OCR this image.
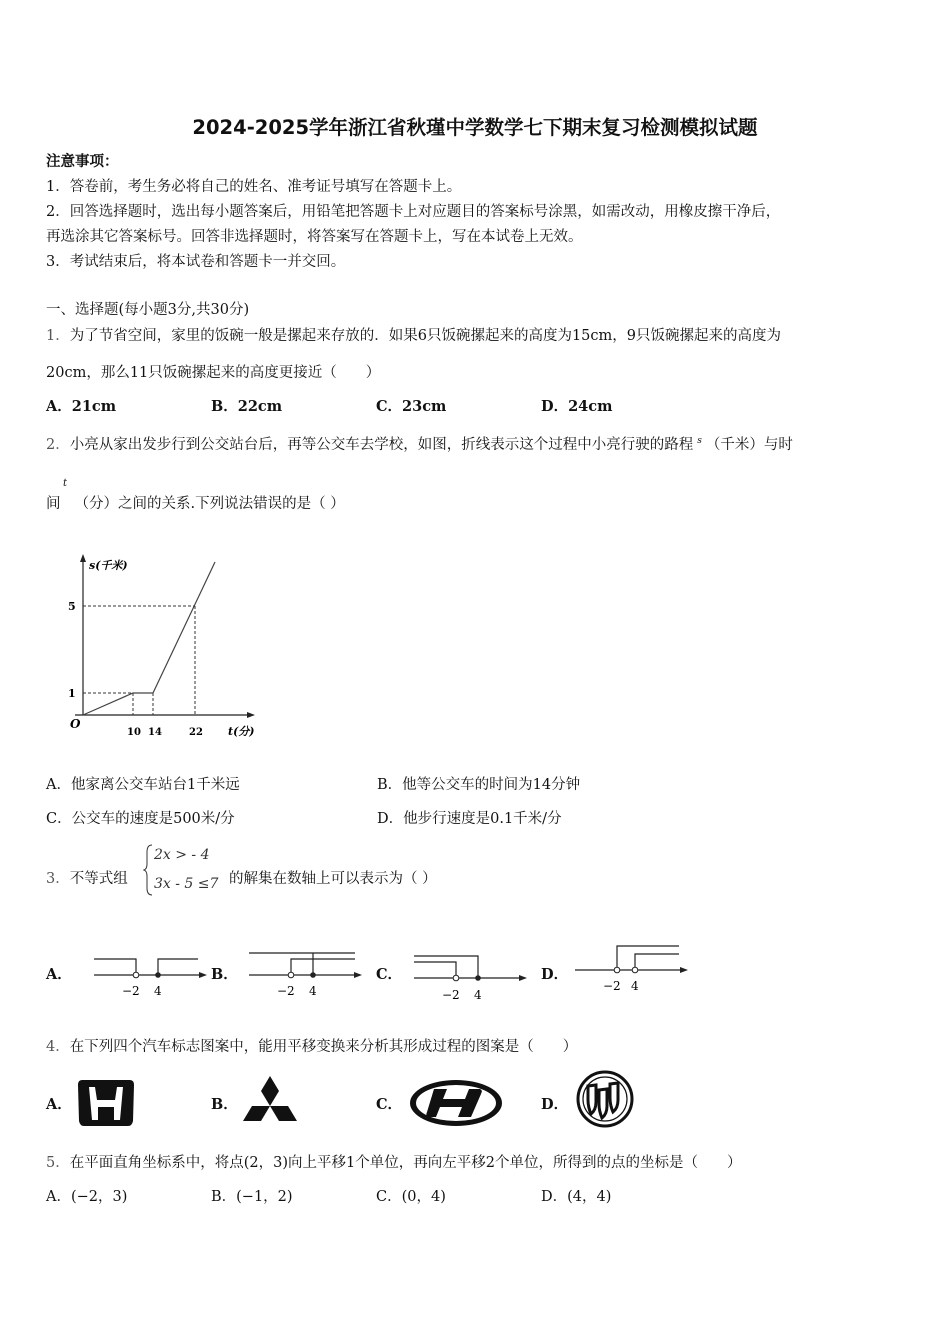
2024-2025学年浙江省秋瑾中学数学七下期末复习检测模拟试题
注意事项：
1．答卷前，考生务必将自己的姓名、准考证号填写在答题卡上。
2．回答选择题时，选出每小题答案后，用铅笔把答题卡上对应题目的答案标号涂黑，如需改动，用橡皮擦干净后，
再选涂其它答案标号。回答非选择题时，将答案写在答题卡上，写在本试卷上无效。
3．考试结束后，将本试卷和答题卡一并交回。
一、选择题(每小题3分,共30分)
1．为了节省空间，家里的饭碗一般是摞起来存放的．如果6只饭碗摞起来的高度为15cm，9只饭碗摞起来的高度为
20cm，那么11只饭碗摞起来的高度更接近（　　）
A．21cm	B．22cm	C．23cm	D．24cm
2．小亮从家出发步行到公交站台后，再等公交车去学校，如图，折线表示这个过程中小亮行驶的路程 $^s$ （千米）与时
t
间 （分）之间的关系.下列说法错误的是（ ）
s(千米)
5
1
O
10 14	22 t(分)
A．他家离公交车站台1千米远	B．他等公交车的时间为14分钟
C．公交车的速度是500米/分	D．他步行速度是0.1千米/分
3．不等式组
2x > - 4
3x - 5 ≤7 的解集在数轴上可以表示为（ ）
A．	B．	C．	D．
−2 4	−2 4	−2 4
−2 4
4．在下列四个汽车标志图案中，能用平移变换来分析其形成过程的图案是（　　）
A．	B．	C．	D．
5．在平面直角坐标系中，将点(2，3)向上平移1个单位，再向左平移2个单位，所得到的点的坐标是（　　）
A．(−2，3)	B．(−1，2)	C．(0，4)	D．(4，4)
